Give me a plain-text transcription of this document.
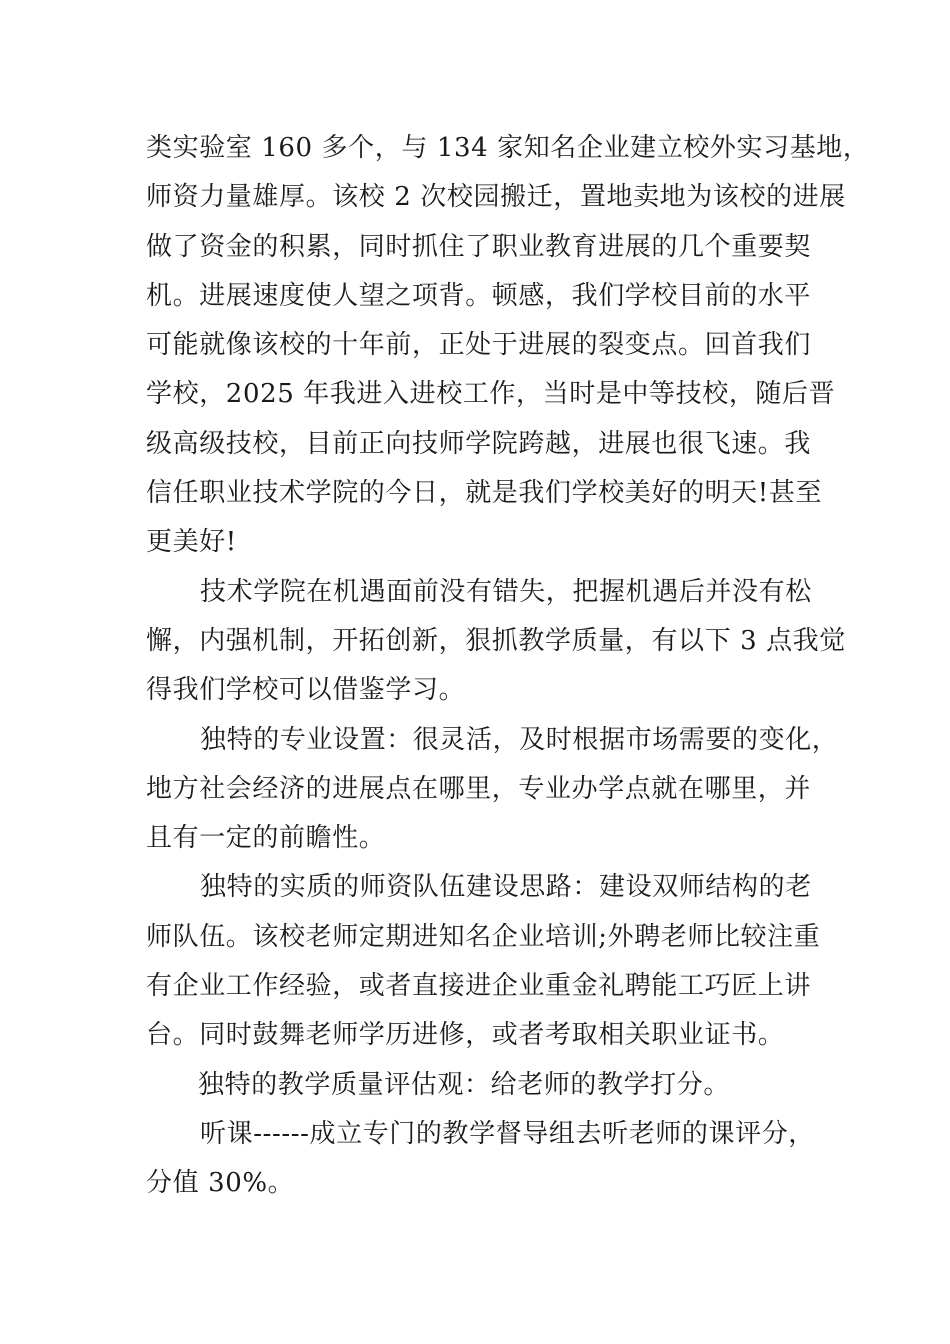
类实验室 160 多个，与 134 家知名企业建立校外实习基地，
师资力量雄厚。该校 2 次校园搬迁，置地卖地为该校的进展
做了资金的积累，同时抓住了职业教育进展的几个重要契
机。进展速度使人望之项背。顿感，我们学校目前的水平
可能就像该校的十年前，正处于进展的裂变点。回首我们
学校，2025 年我进入进校工作，当时是中等技校，随后晋
级高级技校，目前正向技师学院跨越，进展也很飞速。我
信任职业技术学院的今日，就是我们学校美好的明天!甚至
更美好!

技术学院在机遇面前没有错失，把握机遇后并没有松
懈，内强机制，开拓创新，狠抓教学质量，有以下 3 点我觉
得我们学校可以借鉴学习。

独特的专业设置：很灵活，及时根据市场需要的变化，
地方社会经济的进展点在哪里，专业办学点就在哪里，并
且有一定的前瞻性。

独特的实质的师资队伍建设思路：建设双师结构的老
师队伍。该校老师定期进知名企业培训;外聘老师比较注重
有企业工作经验，或者直接进企业重金礼聘能工巧匠上讲
台。同时鼓舞老师学历进修，或者考取相关职业证书。

独特的教学质量评估观：给老师的教学打分。

听课------成立专门的教学督导组去听老师的课评分，
分值 30%。
